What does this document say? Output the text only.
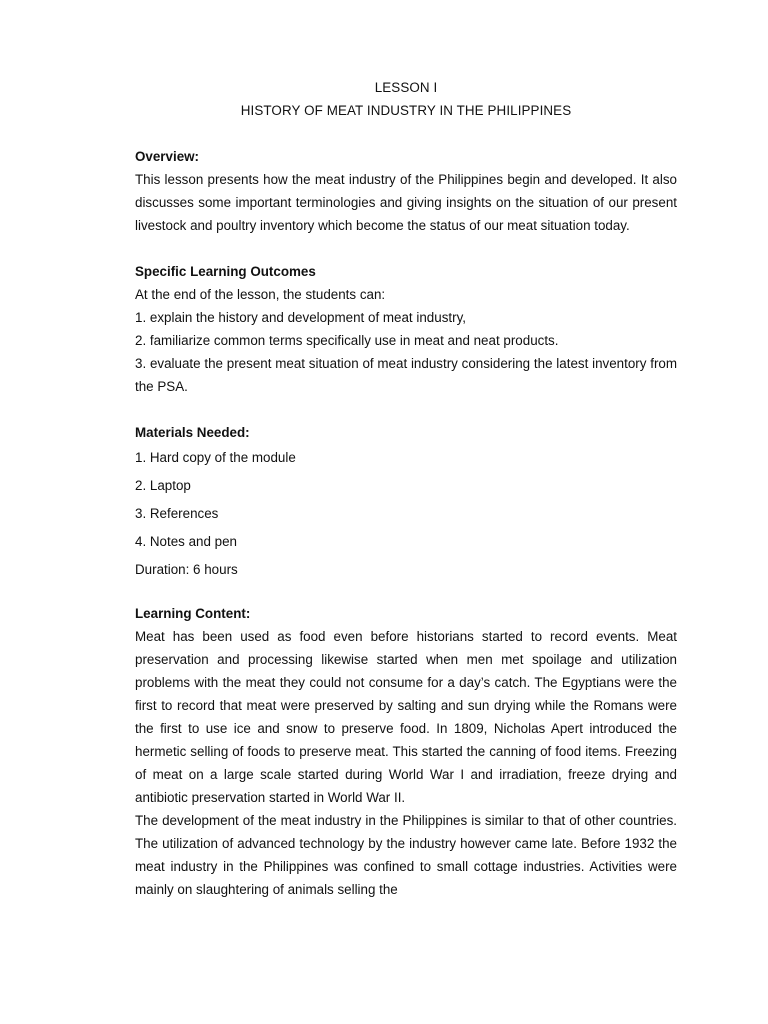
LESSON I

HISTORY OF MEAT INDUSTRY IN THE PHILIPPINES

Overview:

This lesson presents how the meat industry of the Philippines begin and developed. It also discusses some important terminologies and giving insights on the situation of our present livestock and poultry inventory which become the status of our meat situation today.

Specific Learning Outcomes

At the end of the lesson, the students can:

1. explain the history and development of meat industry,

2. familiarize common terms specifically use in meat and neat products.

3. evaluate the present meat situation of meat industry considering the latest inventory from the PSA.

Materials Needed:

1. Hard copy of the module

2. Laptop

3. References

4. Notes and pen

Duration: 6 hours

Learning Content:

Meat has been used as food even before historians started to record events. Meat preservation and processing likewise started when men met spoilage and utilization problems with the meat they could not consume for a day’s catch. The Egyptians were the first to record that meat were preserved by salting and sun drying while the Romans were the first to use ice and snow to preserve food. In 1809, Nicholas Apert introduced the hermetic selling of foods to preserve meat. This started the canning of food items. Freezing of meat on a large scale started during World War I and irradiation, freeze drying and antibiotic preservation started in World War II.

The development of the meat industry in the Philippines is similar to that of other countries. The utilization of advanced technology by the industry however came late. Before 1932 the meat industry in the Philippines was confined to small cottage industries. Activities were mainly on slaughtering of animals selling the
